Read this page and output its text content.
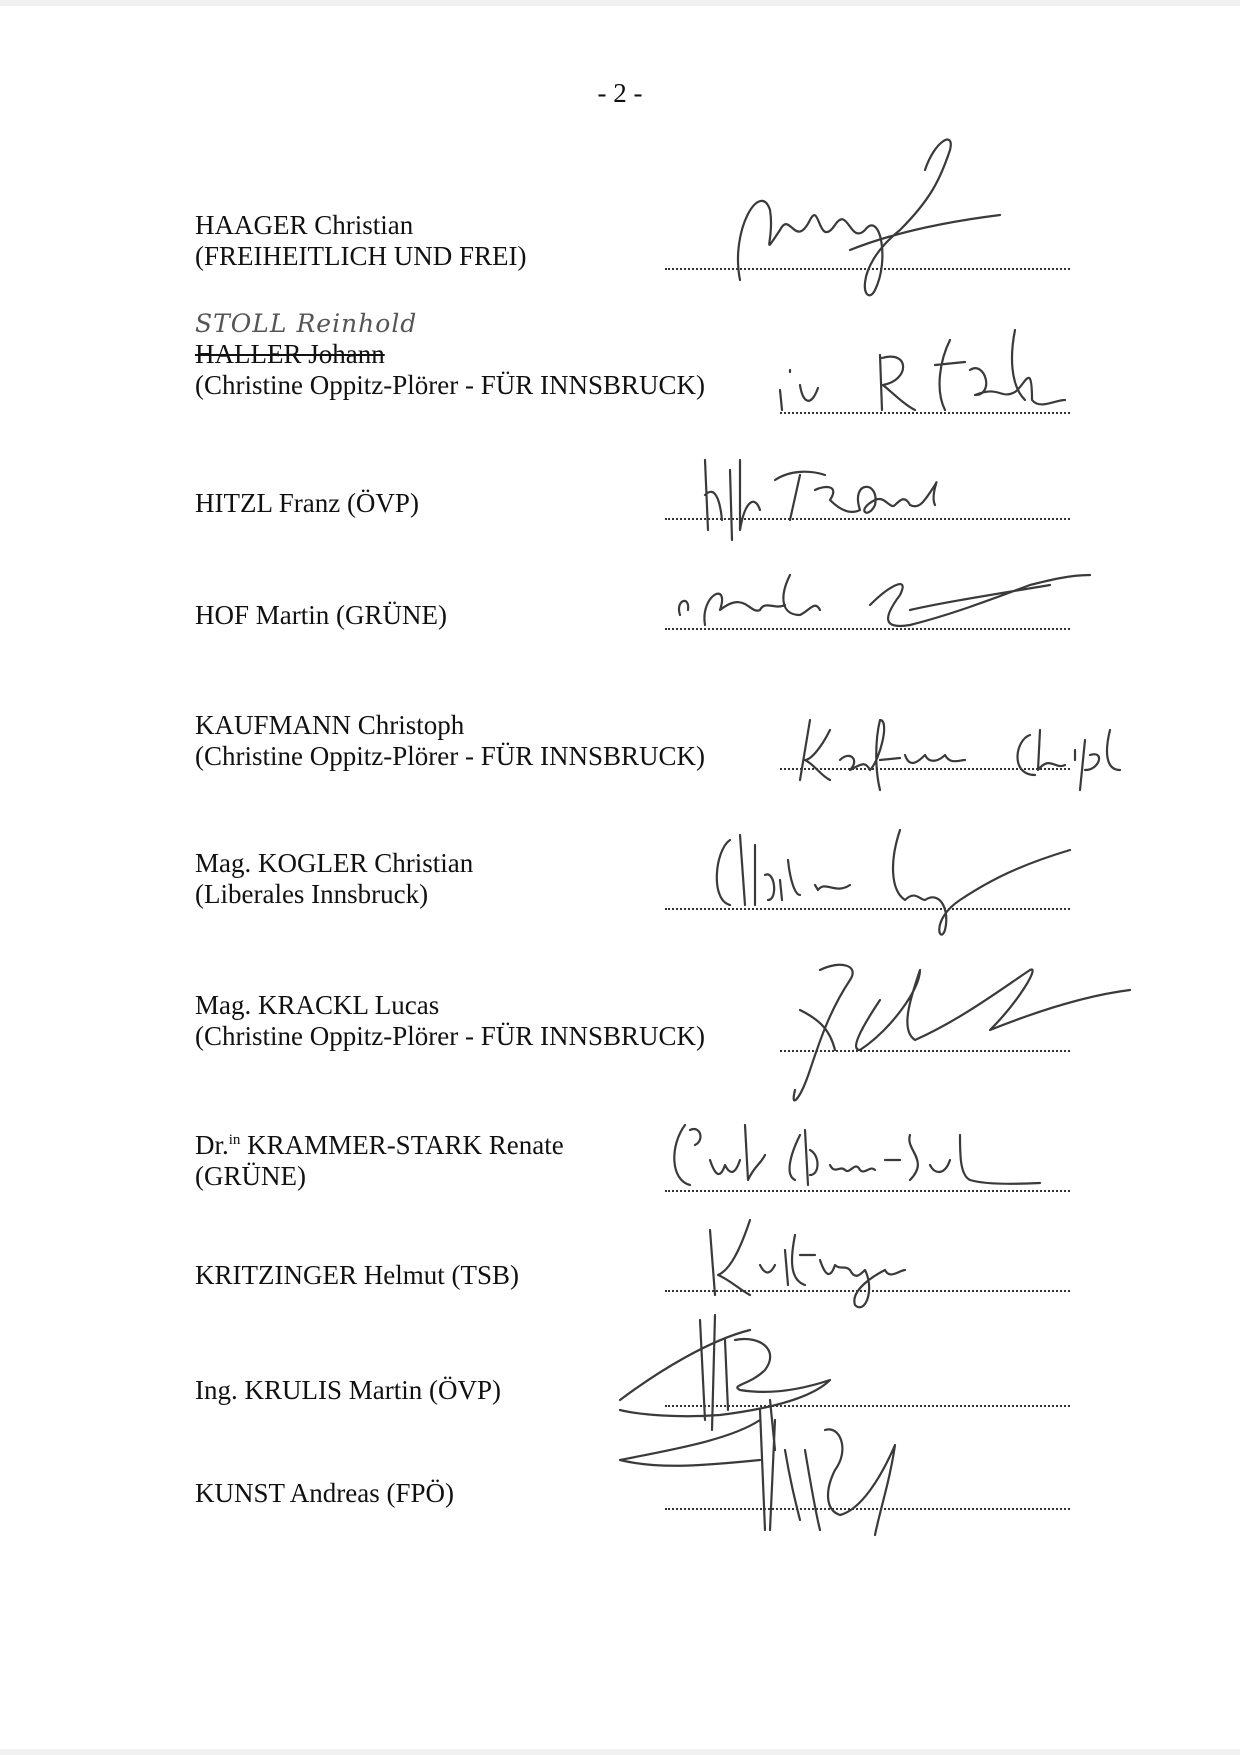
- 2 -
HAAGER Christian
(FREIHEITLICH UND FREI)
STOLL Reinhold
HALLER Johann
(Christine Oppitz-Plörer - FÜR INNSBRUCK)
HITZL Franz (ÖVP)
HOF Martin (GRÜNE)
KAUFMANN Christoph
(Christine Oppitz-Plörer - FÜR INNSBRUCK)
Mag. KOGLER Christian
(Liberales Innsbruck)
Mag. KRACKL Lucas
(Christine Oppitz-Plörer - FÜR INNSBRUCK)
Dr.$^{in}$ KRAMMER-STARK Renate
(GRÜNE)
KRITZINGER Helmut (TSB)
Ing. KRULIS Martin (ÖVP)
KUNST Andreas (FPÖ)
